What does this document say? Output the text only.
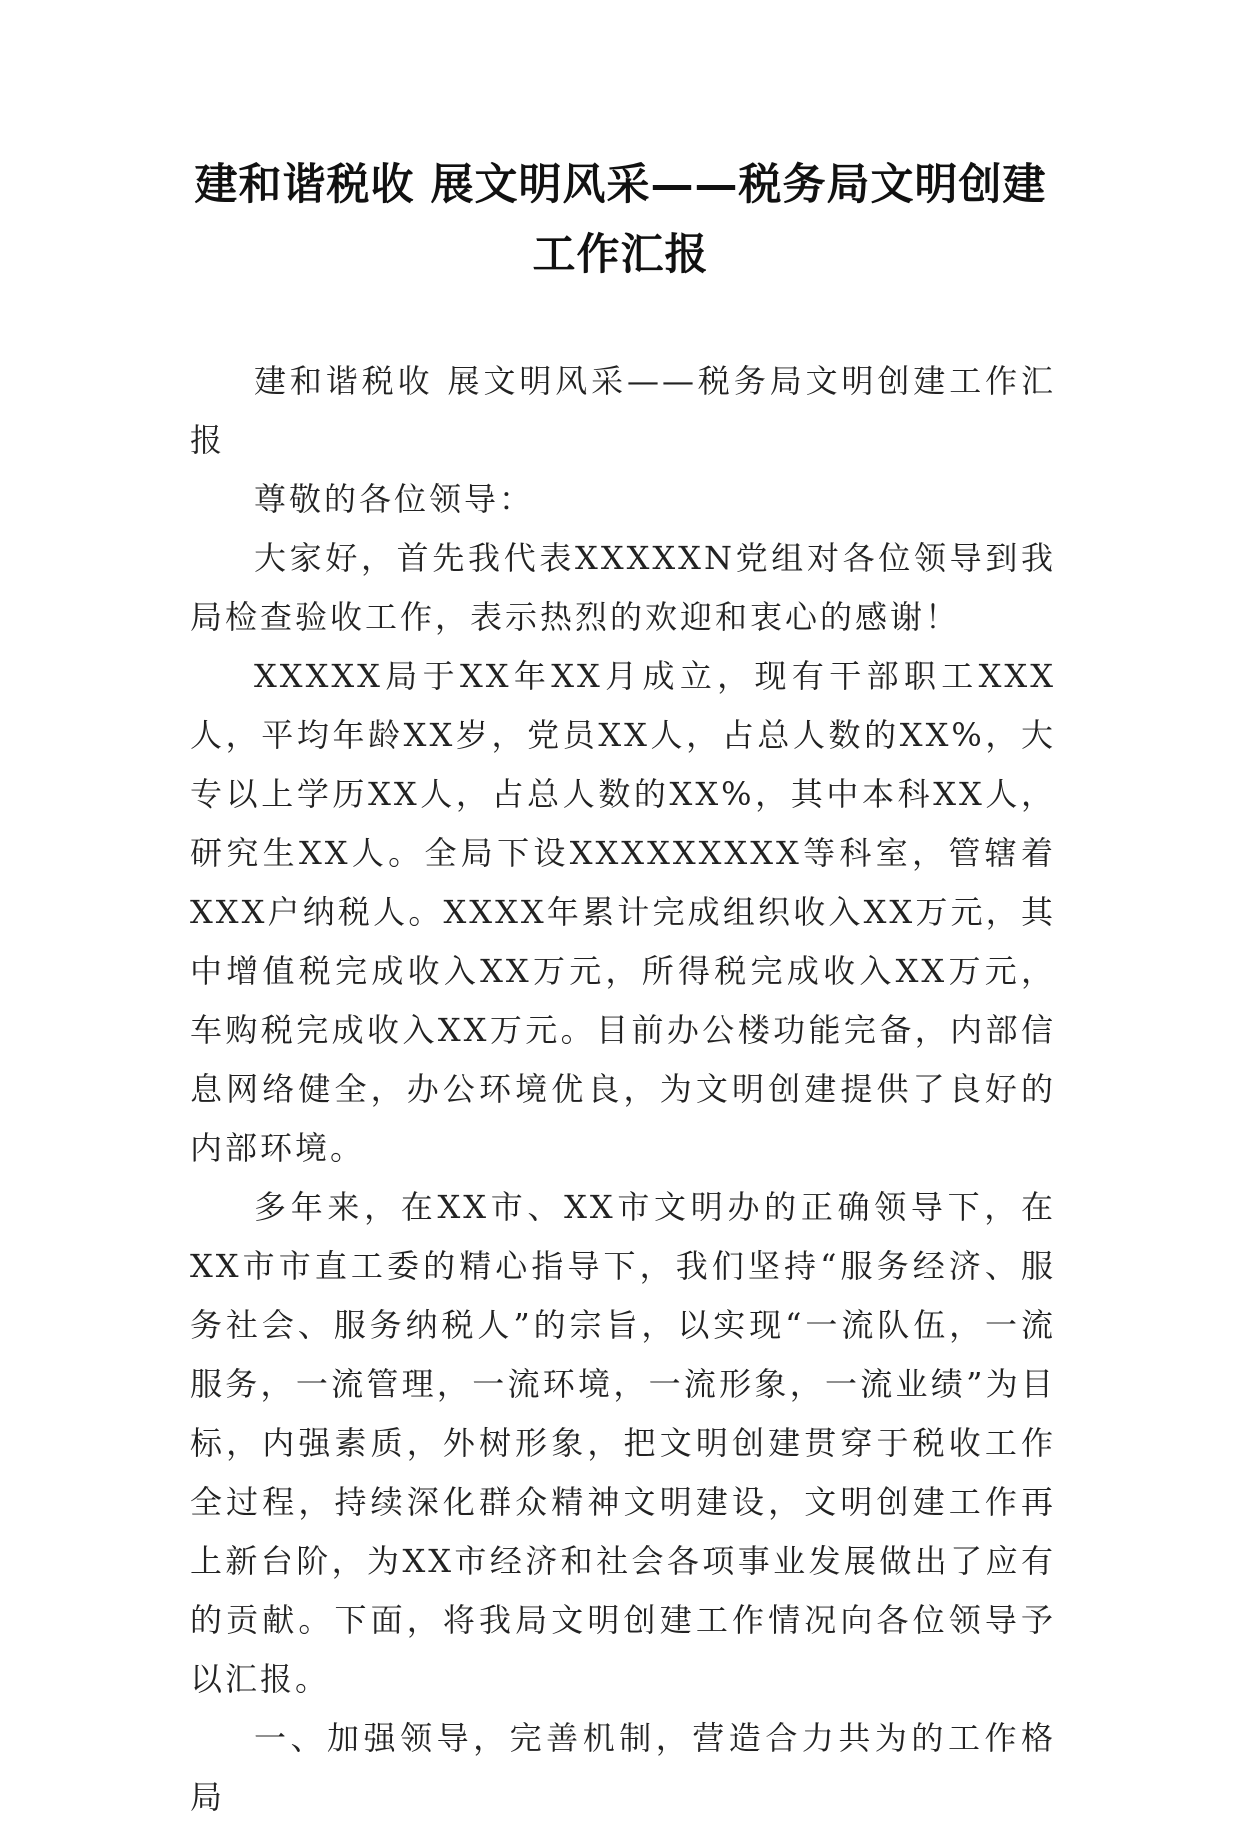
建和谐税收 展文明风采——税务局文明创建工作汇报

建和谐税收 展文明风采——税务局文明创建工作汇报

尊敬的各位领导：

大家好，首先我代表XXXXXN党组对各位领导到我局检查验收工作，表示热烈的欢迎和衷心的感谢！

XXXXX局于XX年XX月成立，现有干部职工XXX人，平均年龄XX岁，党员XX人，占总人数的XX%，大专以上学历XX人，占总人数的XX%，其中本科XX人，研究生XX人。全局下设XXXXXXXXX等科室，管辖着XXX户纳税人。XXXX年累计完成组织收入XX万元，其中增值税完成收入XX万元，所得税完成收入XX万元，车购税完成收入XX万元。目前办公楼功能完备，内部信息网络健全，办公环境优良，为文明创建提供了良好的内部环境。

多年来，在XX市、XX市文明办的正确领导下，在XX市市直工委的精心指导下，我们坚持“服务经济、服务社会、服务纳税人”的宗旨，以实现“一流队伍，一流服务，一流管理，一流环境，一流形象，一流业绩”为目标，内强素质，外树形象，把文明创建贯穿于税收工作全过程，持续深化群众精神文明建设，文明创建工作再上新台阶，为XX市经济和社会各项事业发展做出了应有的贡献。下面，将我局文明创建工作情况向各位领导予以汇报。

一、加强领导，完善机制，营造合力共为的工作格局
